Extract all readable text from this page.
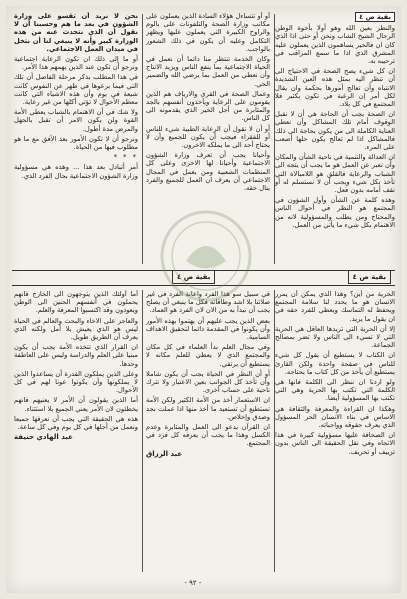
بقية ص ٤

والنظر بعين الله وهو أولا بأخوة الوطن الرجال الشيخ الشاب ونحن أو حتى اذا الذي كان ان فالخير يساهمون الذين يعملون عليه المشرق الذي اذا ما سمع المراقب في ترحيبه به.

ان كل شيء يصح الصحة في الاحتياج الى أن تنظر اليه بمثل هذه العين الشديدة الانتباه وأن تعالج أمورها بحكمة وان يقال لكل أمر إن الرغبة في تكون بكثير فلا المجتمع في كل بلاد.

ان الصحة يجب أن الحاجة هي أن لا نقبل الوقوف أمام تلك المشاكل وأن نعطي العناية الكاملة الى من يكون بحاجة الى ذلك فالمشاكل اذا لم تعالج يكون حلها أصعب على المرء.

ان العدالة والتنمية في ناحية الشأن والمكان وأن تعبر عن العمل هو ما يجب أن يتجه الى الشباب والرعاية فالقلق هو اللامبالاة التي تأخذ بكل شيء ويجب أن لا نستسلم له أو نقف أمامه بدون فعل.

وهذه كلمة عن الشأن وأول الشؤون في المجتمع هو النظر في أحوال الناس والمحتاج ومن يطلب والمسؤولية لانه من الاهتمام بكل شيء ما يأتي من العمل.

أو أو تتساءل هؤلاء السادة الذين يعملون على مكاتب وزارة الصحة والتلفونات على بالوم والراوح الكبيرة التي يعملون عليها ويظهر التكامل وعليه أن يكون في ذلك الشعور بالواجب.

وكان الخدمة تنتظر منا دائما أن نعمل في الحياة الاجتماعية بما ينفع الناس ويزيد الانتاج وأن نعطي من العمل بما يرضي الله والضمير الحي.

وعمال الصحة في القرى والارياف هم الذين يقومون على الرعاية ويأخذون أنفسهم بالجد والمثابرة من أجل الخير الذي يقدمونه الى كل الناس.

أو أن لا نقول أن الرعاية الطبية شيء للناس أو للفقراء فيجب أن يكون للجميع وأن لا يحتاج أحد الى ما يملكه الاخرون.

وأحيانا يجب أن تعرف وزارة الشؤون الاجتماعية وأحيانا لها الاخرى وعلى كل المنظمات الشعبية ومن يعمل في المجال الاجتماعي أن يعرف ان العمل للجميع والفرد ينال حقه.

نحن لا نريد أن تقسو على وزارة الشؤون في بعد ما هم وحسبنا أن لا نقول أن الذي نتحدث عنه من هذه الوزارة كبير وأنه لا ينبغي لنا أن نتخل في ميدان العمل الاجتماعي.

أو ما إلى ذلك ان تكون الرعاية اجتماعية ونرجو أن تكون عند الذين يهمهم هذا الأمر.

في هذا المطلب بذكر مرحلة الفاصل أن تلك التي فيما برعوها في ظهر عن النفوس كانت شيعة في يوم وأن هذه الاشياء التي كانت معظم الأحوال لا تؤتي أكلها من غير رعاية.

ولا شك في أن الاهتمام بالشباب يعطي الأمة القوة ولن يكون الامر أن تقبل بالجهل والمرض مدة أطول.

ونرجو أن لا تكون الأمور بعد الأفق مع ما هو مطلوب فيها من الحياة.

* * *

أمر أتبادل بعد هذا ... وهذه هي مسؤولية وزارة الشؤون الاجتماعية بحال الفرد الذي.

بقية ص ٤
بقية ص ٤

الحرية من أين؟ وهذا الذي يمكن أن يمرر الانسان هو ما يحدد لنا سلامة المجتمع ويحفظ له التماسك ويعطي للفرد حقه في ان يقول ما يريد.

إلا أن الحرية التي تريدها العاقل هي الحرية التي لا تسيء الى الناس ولا تضر بمصالح الجماعة.

ان الكتاب لا يستطيع أن يقول كل شيء للناس في صفحة واحدة ولكن القارئ يستطيع أن يأخذ من كل كتاب ما يحتاجه.

ولو اردنا ان ننظر الى الكلمة فانها هي الكلمة التي تكتب بها الحرية وهي التي تكتب بها المسؤولية أيضا.

وهكذا ان القراءة والمعرفة والثقافة هي الاساس في بناء الانسان الحر المسؤول الذي يعرف حقوقه وواجباته.

ان الصحافة عليها مسؤولية كبيرة في هذا الاتجاه وفي نقل الحقيقة الى الناس بدون تزييف أو تحريف.

في سبيل سو هذا الفرد واعانة الفرد في غير صلاتنا بلا اشد وطاقاته فكل ما ينبغي أن يصلح يجب أن نبدأ به من الان لان الفرد هو العماد.

بعض الذين يجب عليهم أن يهتموا بهذه الأمور وأن يكونوا في المقدمة دائما لتحقيق الاهداف السامية.

وفي مجال العلم بدأ العلماء في كل مكان والمجتمع الذي لا يعطي للعلم مكانه لا يستطيع أن يرتقي.

أو أن النظر في الحياة يجب أن يكون شاملا وأن تأخذ كل الجوانب بعين الاعتبار ولا تترك ناحية على حساب أخرى.

ان الاستعمار أخذ من الأمة الكثير ولكن الأمة تستطيع أن تستعيد ما أخذ منها اذا عملت بجد وصدق وإخلاص.

ان القرآن يدعو الى العمل والمثابرة وعدم الكسل وهذا ما يجب أن يعرفه كل فرد في المجتمع.

عبد الرزاق

أما أولئك الذين يتوجهون الى الخارج فانهم يحملون في أنفسهم الحنين الى الوطن ويعودون وقد اكتسبوا المعرفة والعلم.

والعاجز على الاخاء والبحث والعالم في الحياة ليس هو الذي يعيش بلا أمل ولكنه الذي يعرف أن الطريق طويل.

ان القرار الذي تتخذه الأمة يجب أن يكون مبنيا على العلم والدراسة وليس على العاطفة وحدها.

وعلى الذين يملكون القدرة أن يساعدوا الذين لا يملكونها وأن يكونوا عونا لهم في كل الأحوال.

أما الذين يقولون أن الأمر لا يعنيهم فانهم يخطئون لان الأمر يعني الجميع بلا استثناء.

هذه هي الحقيقة التي يجب أن نعرفها جميعا ونعمل من أجلها في كل يوم وفي كل ساعة.

عبد الهادي حنيفة

- ٩٢ -
